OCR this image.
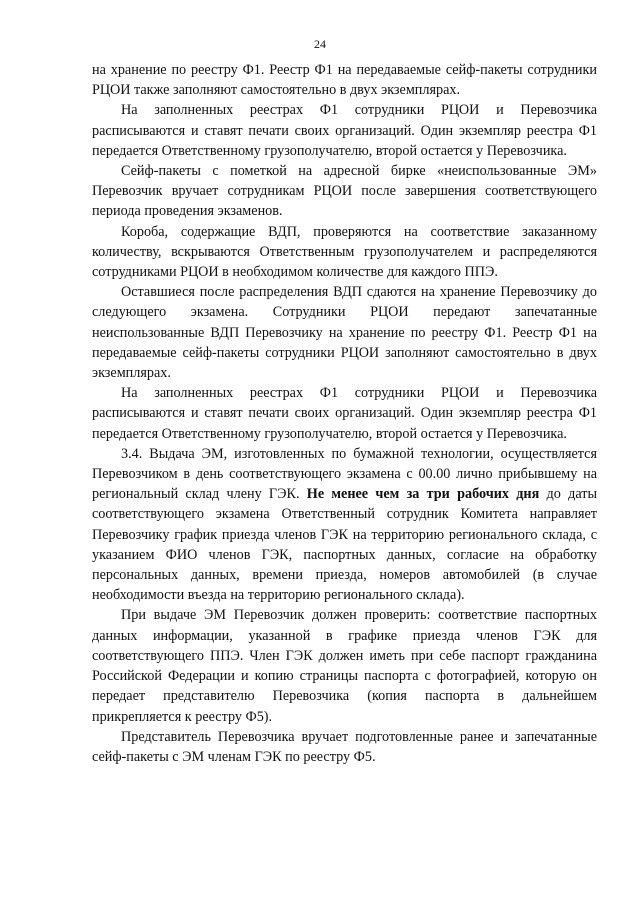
24

на хранение по реестру Ф1. Реестр Ф1 на передаваемые сейф-пакеты сотрудники РЦОИ также заполняют самостоятельно в двух экземплярах.

На заполненных реестрах Ф1 сотрудники РЦОИ и Перевозчика расписываются и ставят печати своих организаций. Один экземпляр реестра Ф1 передается Ответственному грузополучателю, второй остается у Перевозчика.

Сейф-пакеты с пометкой на адресной бирке «неиспользованные ЭМ» Перевозчик вручает сотрудникам РЦОИ после завершения соответствующего периода проведения экзаменов.

Короба, содержащие ВДП, проверяются на соответствие заказанному количеству, вскрываются Ответственным грузополучателем и распределяются сотрудниками РЦОИ в необходимом количестве для каждого ППЭ.

Оставшиеся после распределения ВДП сдаются на хранение Перевозчику до следующего экзамена. Сотрудники РЦОИ передают запечатанные неиспользованные ВДП Перевозчику на хранение по реестру Ф1. Реестр Ф1 на передаваемые сейф-пакеты сотрудники РЦОИ заполняют самостоятельно в двух экземплярах.

На заполненных реестрах Ф1 сотрудники РЦОИ и Перевозчика расписываются и ставят печати своих организаций. Один экземпляр реестра Ф1 передается Ответственному грузополучателю, второй остается у Перевозчика.

3.4. Выдача ЭМ, изготовленных по бумажной технологии, осуществляется Перевозчиком в день соответствующего экзамена с 00.00 лично прибывшему на региональный склад члену ГЭК. Не менее чем за три рабочих дня до даты соответствующего экзамена Ответственный сотрудник Комитета направляет Перевозчику график приезда членов ГЭК на территорию регионального склада, с указанием ФИО членов ГЭК, паспортных данных, согласие на обработку персональных данных, времени приезда, номеров автомобилей (в случае необходимости въезда на территорию регионального склада).

При выдаче ЭМ Перевозчик должен проверить: соответствие паспортных данных информации, указанной в графике приезда членов ГЭК для соответствующего ППЭ. Член ГЭК должен иметь при себе паспорт гражданина Российской Федерации и копию страницы паспорта с фотографией, которую он передает представителю Перевозчика (копия паспорта в дальнейшем прикрепляется к реестру Ф5).

Представитель Перевозчика вручает подготовленные ранее и запечатанные сейф-пакеты с ЭМ членам ГЭК по реестру Ф5.
